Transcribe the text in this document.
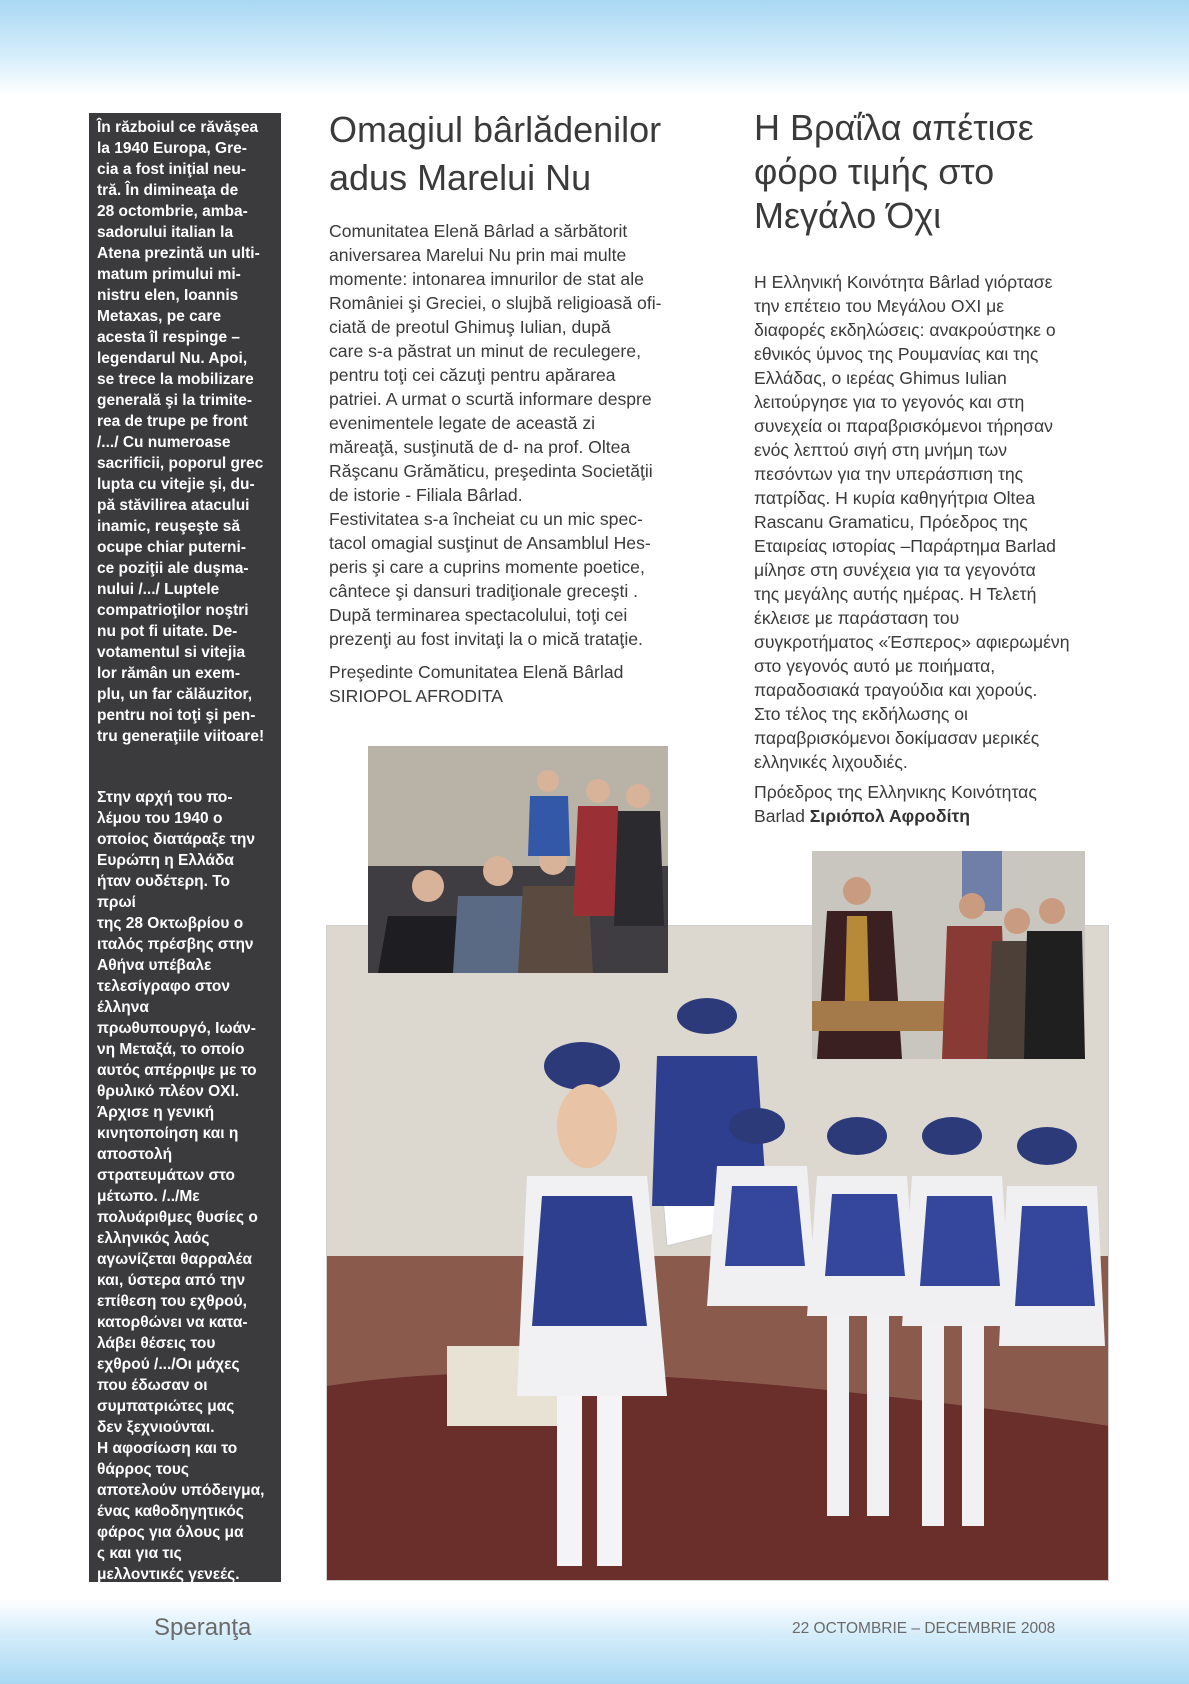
În războiul ce răvăşea
la 1940 Europa, Gre-
cia a fost iniţial neu-
tră. În dimineaţa de
28 octombrie, amba-
sadorului italian la
Atena prezintă un ulti-
matum primului mi-
nistru elen, Ioannis
Metaxas, pe care
acesta îl respinge –
legendarul Nu. Apoi,
se trece la mobilizare
generală şi la trimite-
rea de trupe pe front
/.../ Cu numeroase
sacrificii, poporul grec
lupta cu vitejie şi, du-
pă stăvilirea atacului
inamic, reuşeşte să
ocupe chiar puterni-
ce poziţii ale duşma-
nului /.../ Luptele
compatrioţilor noştri
nu pot fi uitate. De-
votamentul si vitejia
lor rămân un exem-
plu, un far călăuzitor,
pentru noi toţi şi pen-
tru generaţiile viitoare!

Στην αρχή του πο-
λέμου του 1940 ο
οποίος διατάραξε την
Ευρώπη η Ελλάδα
ήταν ουδέτερη. Το πρωί
της 28 Οκτωβρίου ο
ιταλός πρέσβης στην
Αθήνα υπέβαλε
τελεσίγραφο στον
έλληνα
πρωθυπουργό, Ιωάν-
νη Μεταξά, το οποίο
αυτός απέρριψε με το
θρυλικό πλέον ΟΧΙ.
Άρχισε η γενική
κινητοποίηση και η
αποστολή
στρατευμάτων στο
μέτωπο. /../Με
πολυάριθμες θυσίες ο
ελληνικός λαός
αγωνίζεται θαρραλέα
και, ύστερα από την
επίθεση του εχθρού,
κατορθώνει να κατα-
λάβει θέσεις του
εχθρού /.../Οι μάχες
που έδωσαν οι
συμπατριώτες μας
δεν ξεχνιούνται.
Η αφοσίωση και το
θάρρος τους
αποτελούν υπόδειγμα,
ένας καθοδηγητικός
φάρος για όλους μα
ς και για τις
μελλοντικές γενεές.

Omagiul bârlădenilor
adus Marelui Nu

Comunitatea Elenă Bârlad a sărbătorit
aniversarea Marelui Nu prin mai multe
momente: intonarea imnurilor de stat ale
României şi Greciei, o slujbă religioasă ofi-
ciată de preotul Ghimuş Iulian, după
care s-a păstrat un minut de reculegere,
pentru toţi cei căzuţi pentru apărarea
patriei. A urmat o scurtă informare despre
evenimentele legate de această zi
măreaţă, susţinută de d- na prof. Oltea
Răşcanu Grămăticu, preşedinta Societăţii
de istorie - Filiala Bârlad.

Festivitatea s-a încheiat cu un mic spec-
tacol omagial susţinut de Ansamblul Hes-
peris şi care a cuprins momente poetice,
cântece şi dansuri tradiţionale greceşti .
După terminarea spectacolului, toţi cei
prezenţi au fost invitaţi la o mică trataţie.

Preşedinte Comunitatea Elenă Bârlad
SIRIOPOL AFRODITA

Η Βραΐλα απέτισε
φόρο τιμής στο
Μεγάλο Όχι

Η Ελληνική Κοινότητα Bârlad γιόρτασε
την επέτειο του Μεγάλου ΟΧΙ με
διαφορές εκδηλώσεις: ανακρούστηκε ο
εθνικός ύμνος της Ρουμανίας και της
Ελλάδας, ο ιερέας Ghimus Iulian
λειτούργησε για το γεγονός και στη
συνεχεία οι παραβρισκόμενοι τήρησαν
ενός λεπτού σιγή στη μνήμη των
πεσόντων για την υπεράσπιση της
πατρίδας. Η κυρία καθηγήτρια Oltea
Rascanu Gramaticu, Πρόεδρος της
Εταιρείας ιστορίας –Παράρτημα Barlad
μίλησε στη συνέχεια για τα γεγονότα
της μεγάλης αυτής ημέρας. Η Τελετή
έκλεισε με παράσταση του
συγκροτήματος «Έσπερος» αφιερωμένη
στο γεγονός αυτό με ποιήματα,
παραδοσιακά τραγούδια και χορούς.
Στο τέλος της εκδήλωσης οι
παραβρισκόμενοι δοκίμασαν μερικές
ελληνικές λιχουδιές.

Πρόεδρος της Ελληνικης Κοινότητας
Barlad Σιριόπολ Αφροδίτη

Speranţa	22 OCTOMBRIE – DECEMBRIE 2008
